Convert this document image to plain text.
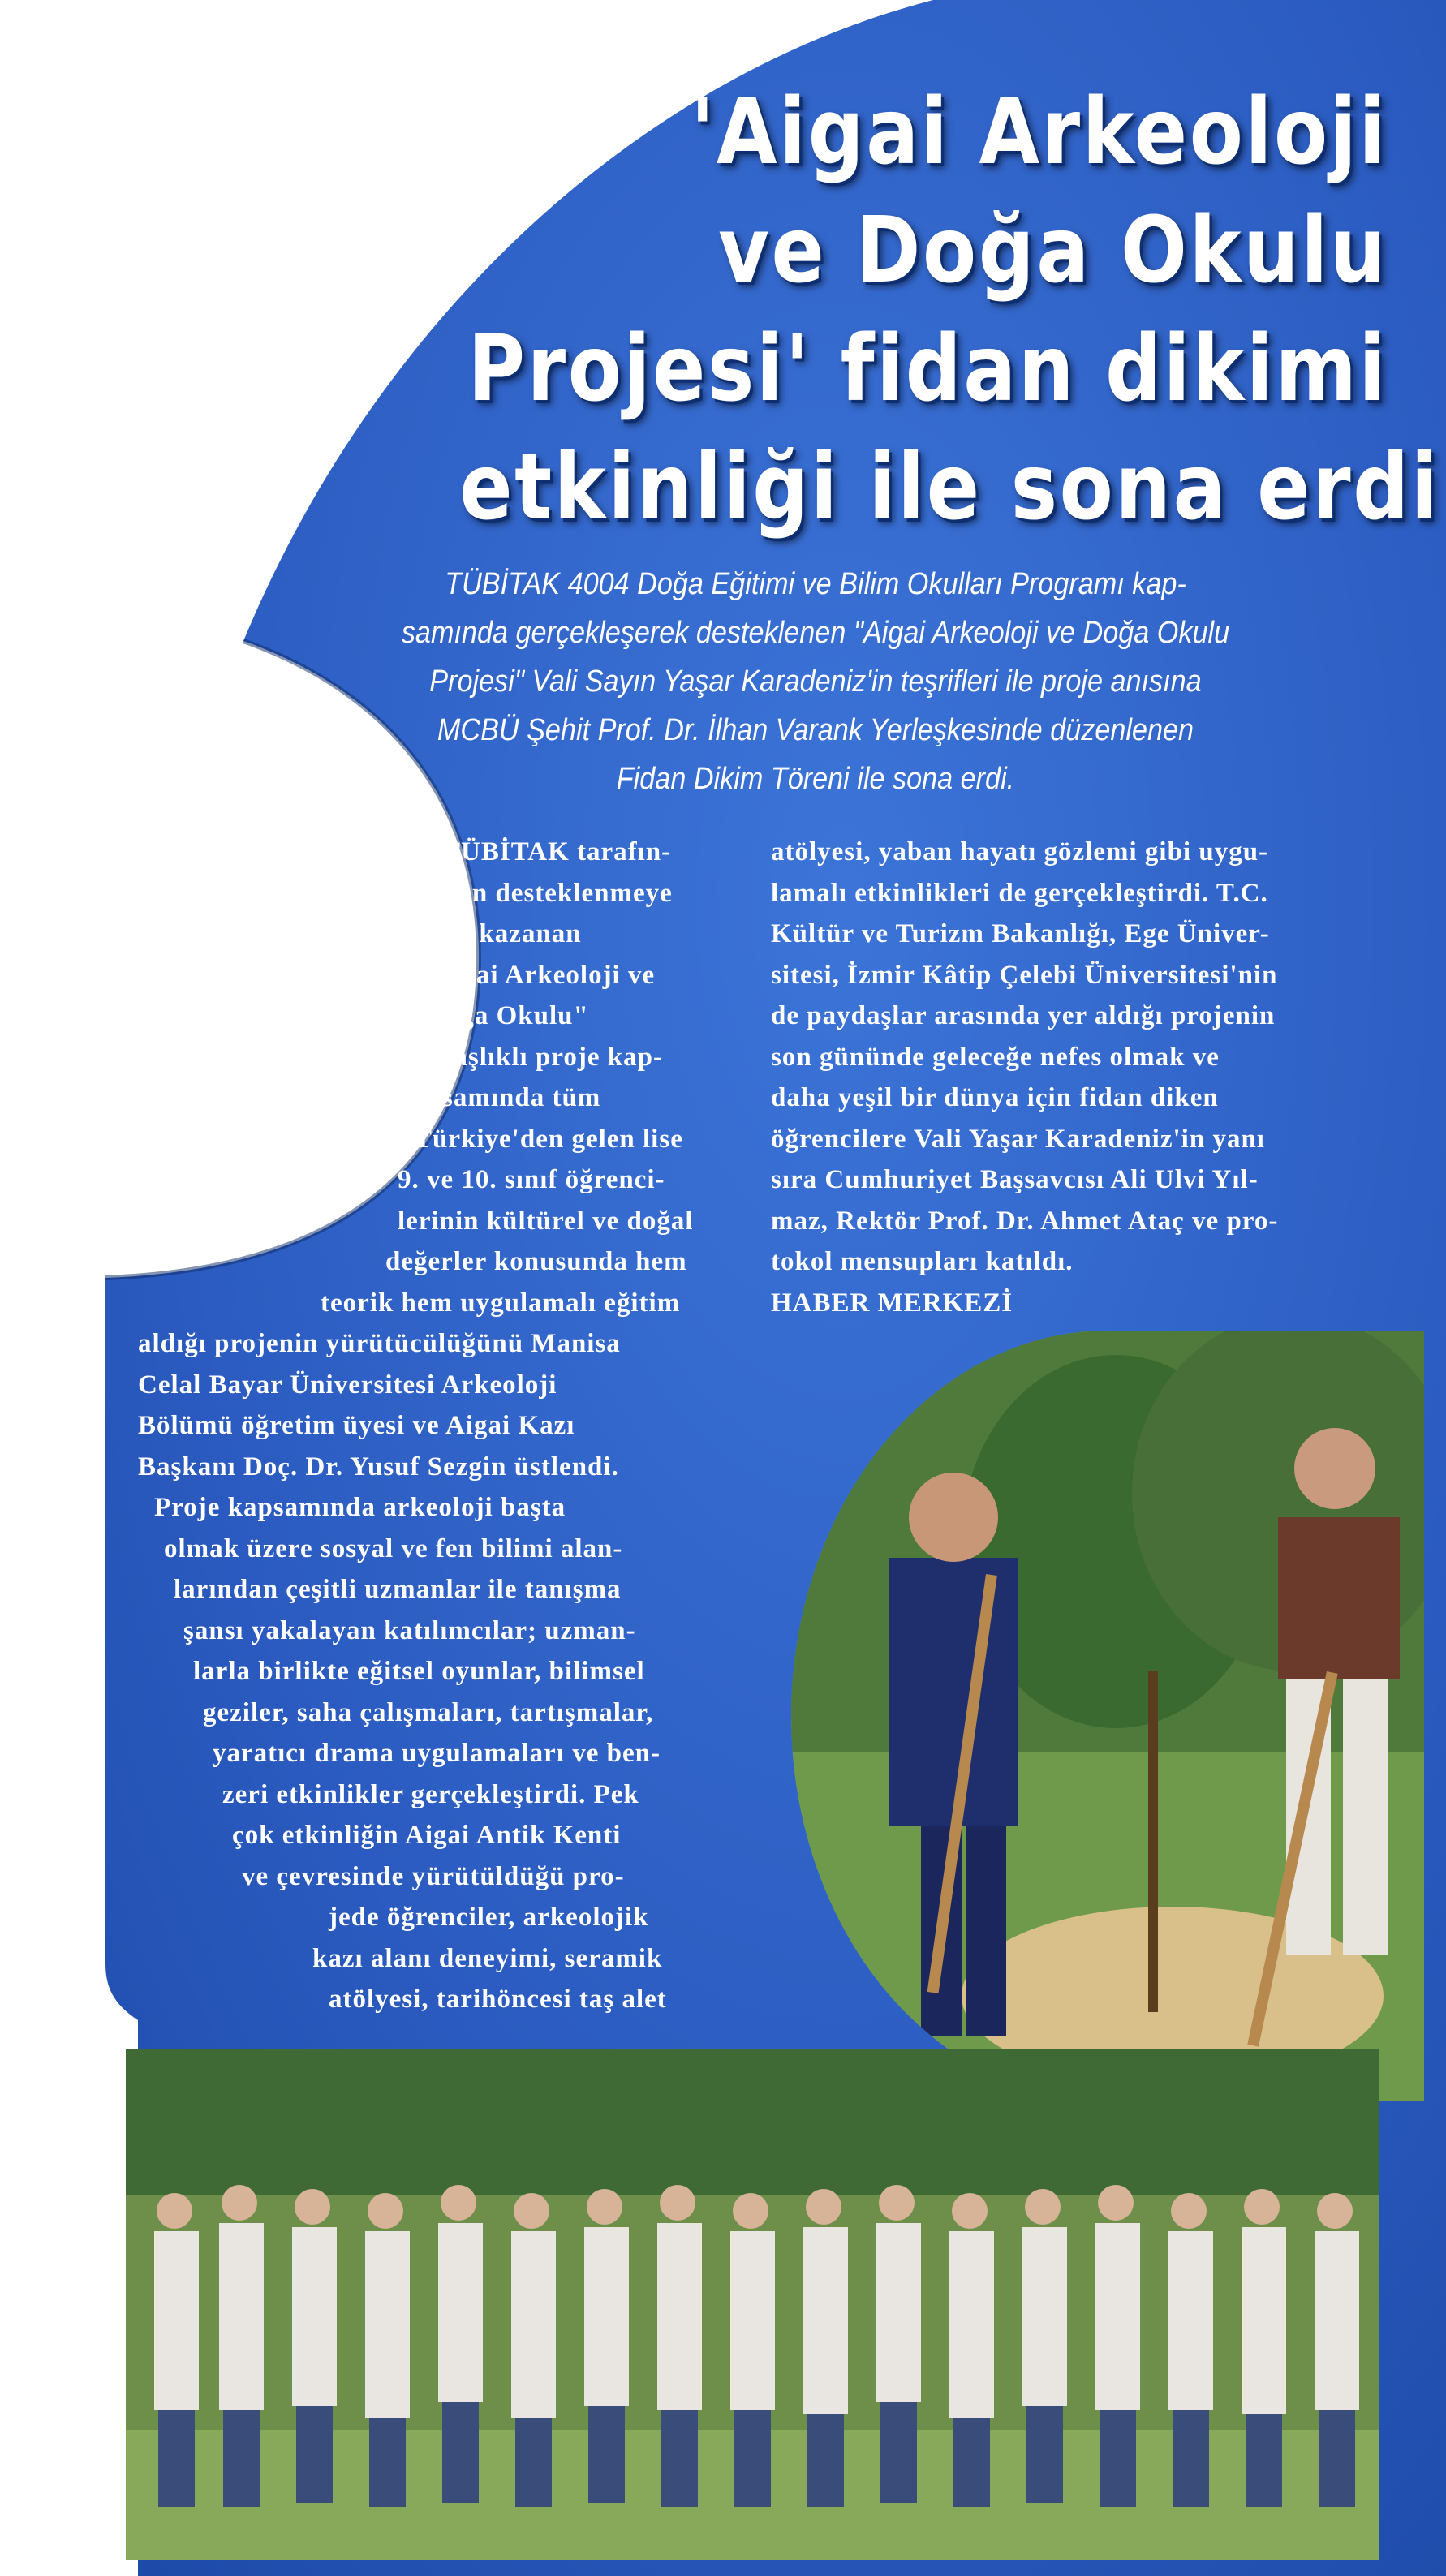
'Aigai Arkeoloji
ve Doğa Okulu
Projesi' fidan dikimi
etkinliği ile sona erdi
TÜBİTAK 4004 Doğa Eğitimi ve Bilim Okulları Programı kap-
samında gerçekleşerek desteklenen "Aigai Arkeoloji ve Doğa Okulu
Projesi" Vali Sayın Yaşar Karadeniz'in teşrifleri ile proje anısına
MCBÜ Şehit Prof. Dr. İlhan Varank Yerleşkesinde düzenlenen
Fidan Dikim Töreni ile sona erdi.
TÜBİTAK tarafın-
dan desteklenmeye
hak kazanan
"Aigai Arkeoloji ve
Doğa Okulu"
başlıklı proje kap-
samında tüm
Türkiye'den gelen lise
9. ve 10. sınıf öğrenci-
lerinin kültürel ve doğal
değerler konusunda hem
teorik hem uygulamalı eğitim
aldığı projenin yürütücülüğünü Manisa
Celal Bayar Üniversitesi Arkeoloji
Bölümü öğretim üyesi ve Aigai Kazı
Başkanı Doç. Dr. Yusuf Sezgin üstlendi.
Proje kapsamında arkeoloji başta
olmak üzere sosyal ve fen bilimi alan-
larından çeşitli uzmanlar ile tanışma
şansı yakalayan katılımcılar; uzman-
larla birlikte eğitsel oyunlar, bilimsel
geziler, saha çalışmaları, tartışmalar,
yaratıcı drama uygulamaları ve ben-
zeri etkinlikler gerçekleştirdi. Pek
çok etkinliğin Aigai Antik Kenti
ve çevresinde yürütüldüğü pro-
jede öğrenciler, arkeolojik
kazı alanı deneyimi, seramik
atölyesi, tarihöncesi taş alet
atölyesi, yaban hayatı gözlemi gibi uygu-
lamalı etkinlikleri de gerçekleştirdi. T.C.
Kültür ve Turizm Bakanlığı, Ege Üniver-
sitesi, İzmir Kâtip Çelebi Üniversitesi'nin
de paydaşlar arasında yer aldığı projenin
son gününde geleceğe nefes olmak ve
daha yeşil bir dünya için fidan diken
öğrencilere Vali Yaşar Karadeniz'in yanı
sıra Cumhuriyet Başsavcısı Ali Ulvi Yıl-
maz, Rektör Prof. Dr. Ahmet Ataç ve pro-
tokol mensupları katıldı.
HABER MERKEZİ
